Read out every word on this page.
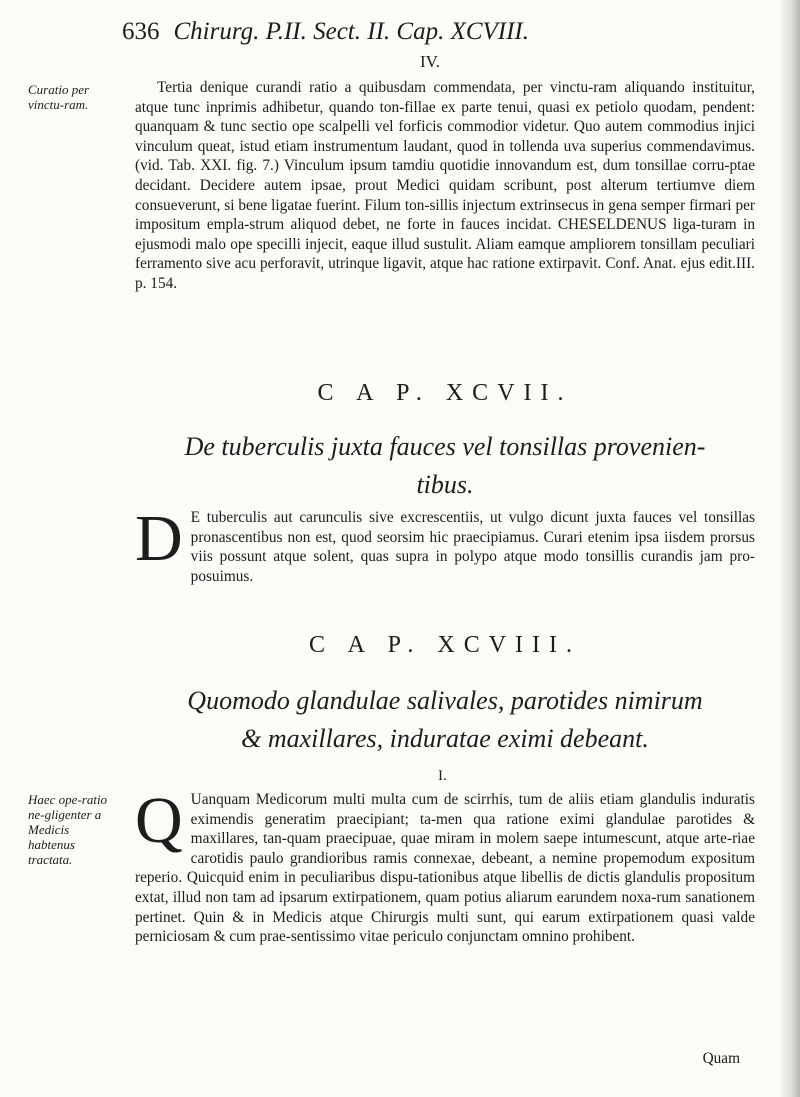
636 Chirurg. P.II. Sect. II. Cap. XCVIII.
IV.
Curatio per vinctu-ram.

Tertia denique curandi ratio a quibusdam commendata, per vinctu-ram aliquando instituitur, atque tunc inprimis adhibetur, quando ton-fillae ex parte tenui, quasi ex petiolo quodam, pendent: quanquam & tunc sectio ope scalpelli vel forficis commodior videtur. Quo autem commodius injici vinculum queat, istud etiam instrumentum laudant, quod in tollenda uva superius commendavimus. (vid. Tab. XXI. fig. 7.) Vinculum ipsum tamdiu quotidie innovandum est, dum tonsillae corru-ptae decidant. Decidere autem ipsae, prout Medici quidam scribunt, post alterum tertiumve diem consueverunt, si bene ligatae fuerint. Filum ton-sillis injectum extrinsecus in gena semper firmari per impositum empla-strum aliquod debet, ne forte in fauces incidat. CHESELDENUS liga-turam in ejusmodi malo ope specilli injecit, eaque illud sustulit. Aliam eamque ampliorem tonsillam peculiari ferramento sive acu perforavit, utrinque ligavit, atque hac ratione extirpavit. Conf. Anat. ejus edit.III. p. 154.

C A P. XCVII.
De tuberculis juxta fauces vel tonsillas provenien-
tibus.
D E tuberculis aut carunculis sive excrescentiis, ut vulgo dicunt juxta fauces vel tonsillas pronascentibus non est, quod seorsim hic praecipiamus. Curari etenim ipsa iisdem prorsus viis possunt atque solent, quas supra in polypo atque modo tonsillis curandis jam pro-posuimus.
C A P. XCVIII.
Quomodo glandulae salivales, parotides nimirum
& maxillares, induratae eximi debeant.
I.
Haec ope-ratio ne-gligenter a Medicis habtenus tractata.
Q Uanquam Medicorum multi multa cum de scirrhis, tum de aliis etiam glandulis induratis eximendis generatim praecipiant; ta-men qua ratione eximi glandulae parotides & maxillares, tan-quam praecipuae, quae miram in molem saepe intumescunt, atque arte-riae carotidis paulo grandioribus ramis connexae, debeant, a nemine propemodum expositum reperio. Quicquid enim in peculiaribus dispu-tationibus atque libellis de dictis glandulis propositum extat, illud non tam ad ipsarum extirpationem, quam potius aliarum earundem noxa-rum sanationem pertinet. Quin & in Medicis atque Chirurgis multi sunt, qui earum extirpationem quasi valde perniciosam & cum prae-sentissimo vitae periculo conjunctam omnino prohibent.
Quam
